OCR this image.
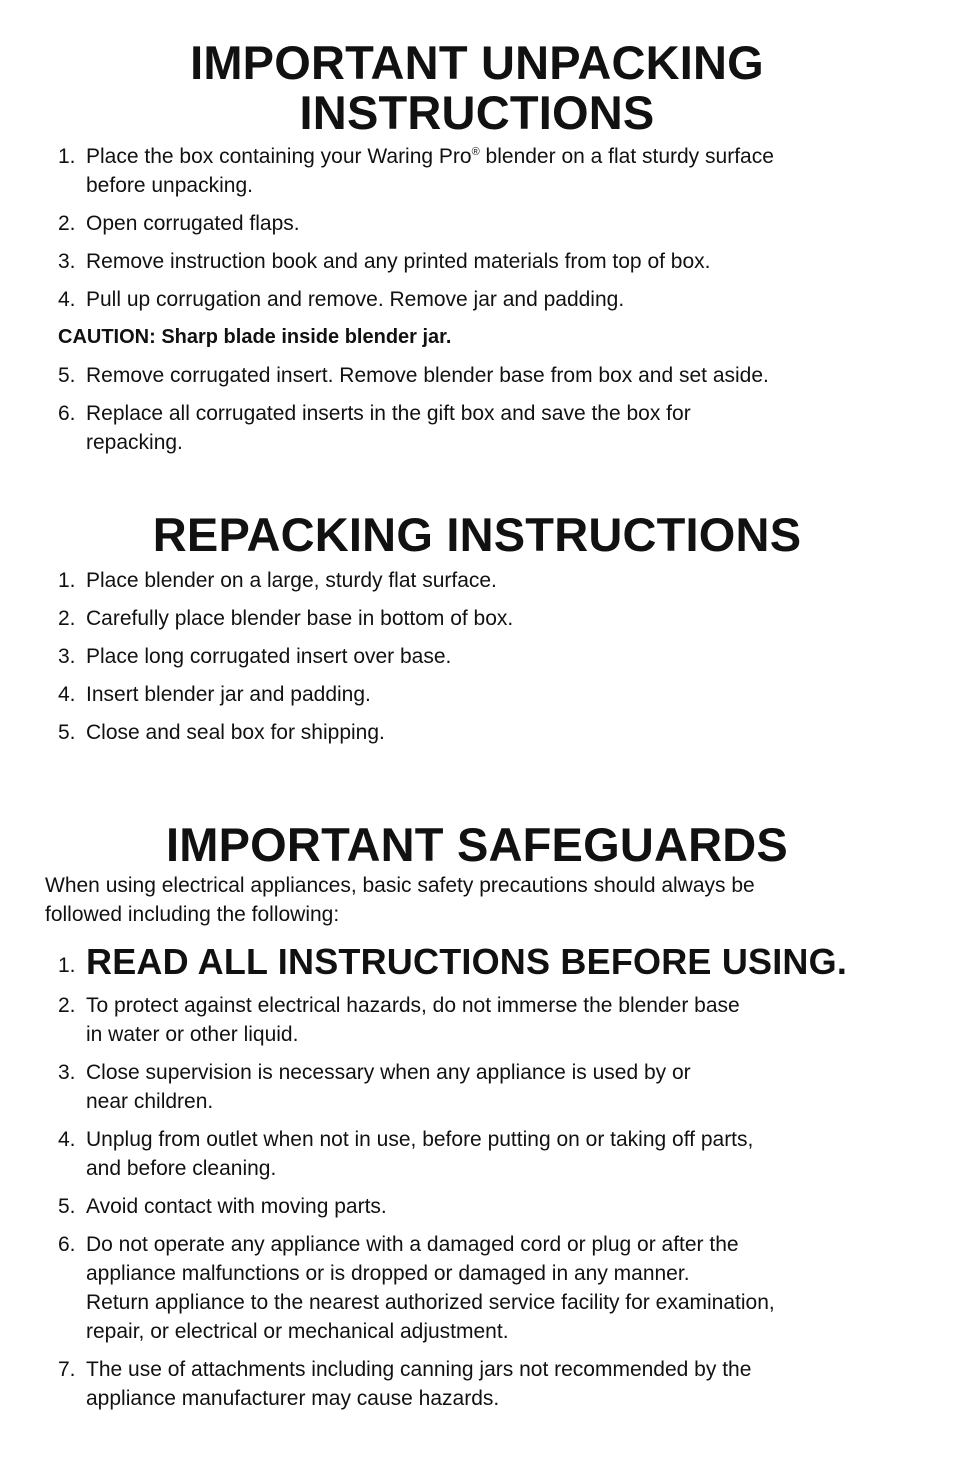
IMPORTANT UNPACKING
INSTRUCTIONS
1. Place the box containing your Waring Pro® blender on a flat sturdy surface
before unpacking.
2. Open corrugated flaps.
3. Remove instruction book and any printed materials from top of box.
4. Pull up corrugation and remove. Remove jar and padding.
CAUTION: Sharp blade inside blender jar.
5. Remove corrugated insert. Remove blender base from box and set aside.
6. Replace all corrugated inserts in the gift box and save the box for
repacking.
REPACKING INSTRUCTIONS
1. Place blender on a large, sturdy flat surface.
2. Carefully place blender base in bottom of box.
3. Place long corrugated insert over base.
4. Insert blender jar and padding.
5. Close and seal box for shipping.
IMPORTANT SAFEGUARDS
When using electrical appliances, basic safety precautions should always be
followed including the following:
1. READ ALL INSTRUCTIONS BEFORE USING.
2. To protect against electrical hazards, do not immerse the blender base
in water or other liquid.
3. Close supervision is necessary when any appliance is used by or
near children.
4. Unplug from outlet when not in use, before putting on or taking off parts,
and before cleaning.
5. Avoid contact with moving parts.
6. Do not operate any appliance with a damaged cord or plug or after the
appliance malfunctions or is dropped or damaged in any manner.
Return appliance to the nearest authorized service facility for examination,
repair, or electrical or mechanical adjustment.
7. The use of attachments including canning jars not recommended by the
appliance manufacturer may cause hazards.
